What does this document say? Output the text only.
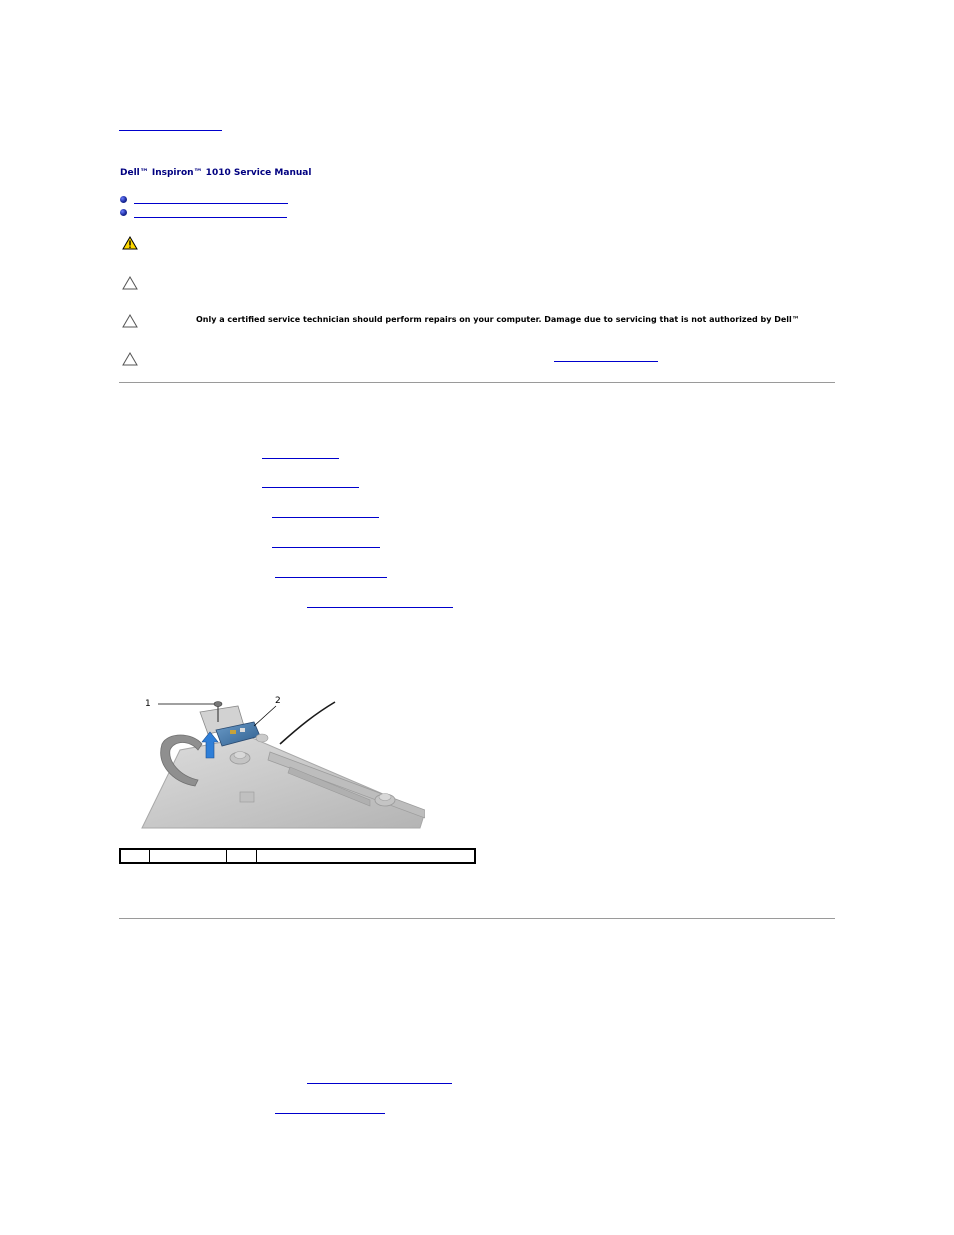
Dell™ Inspiron™ 1010 Service Manual
Only a certified service technician should perform repairs on your computer. Damage due to servicing that is not authorized by Dell™
1	2
